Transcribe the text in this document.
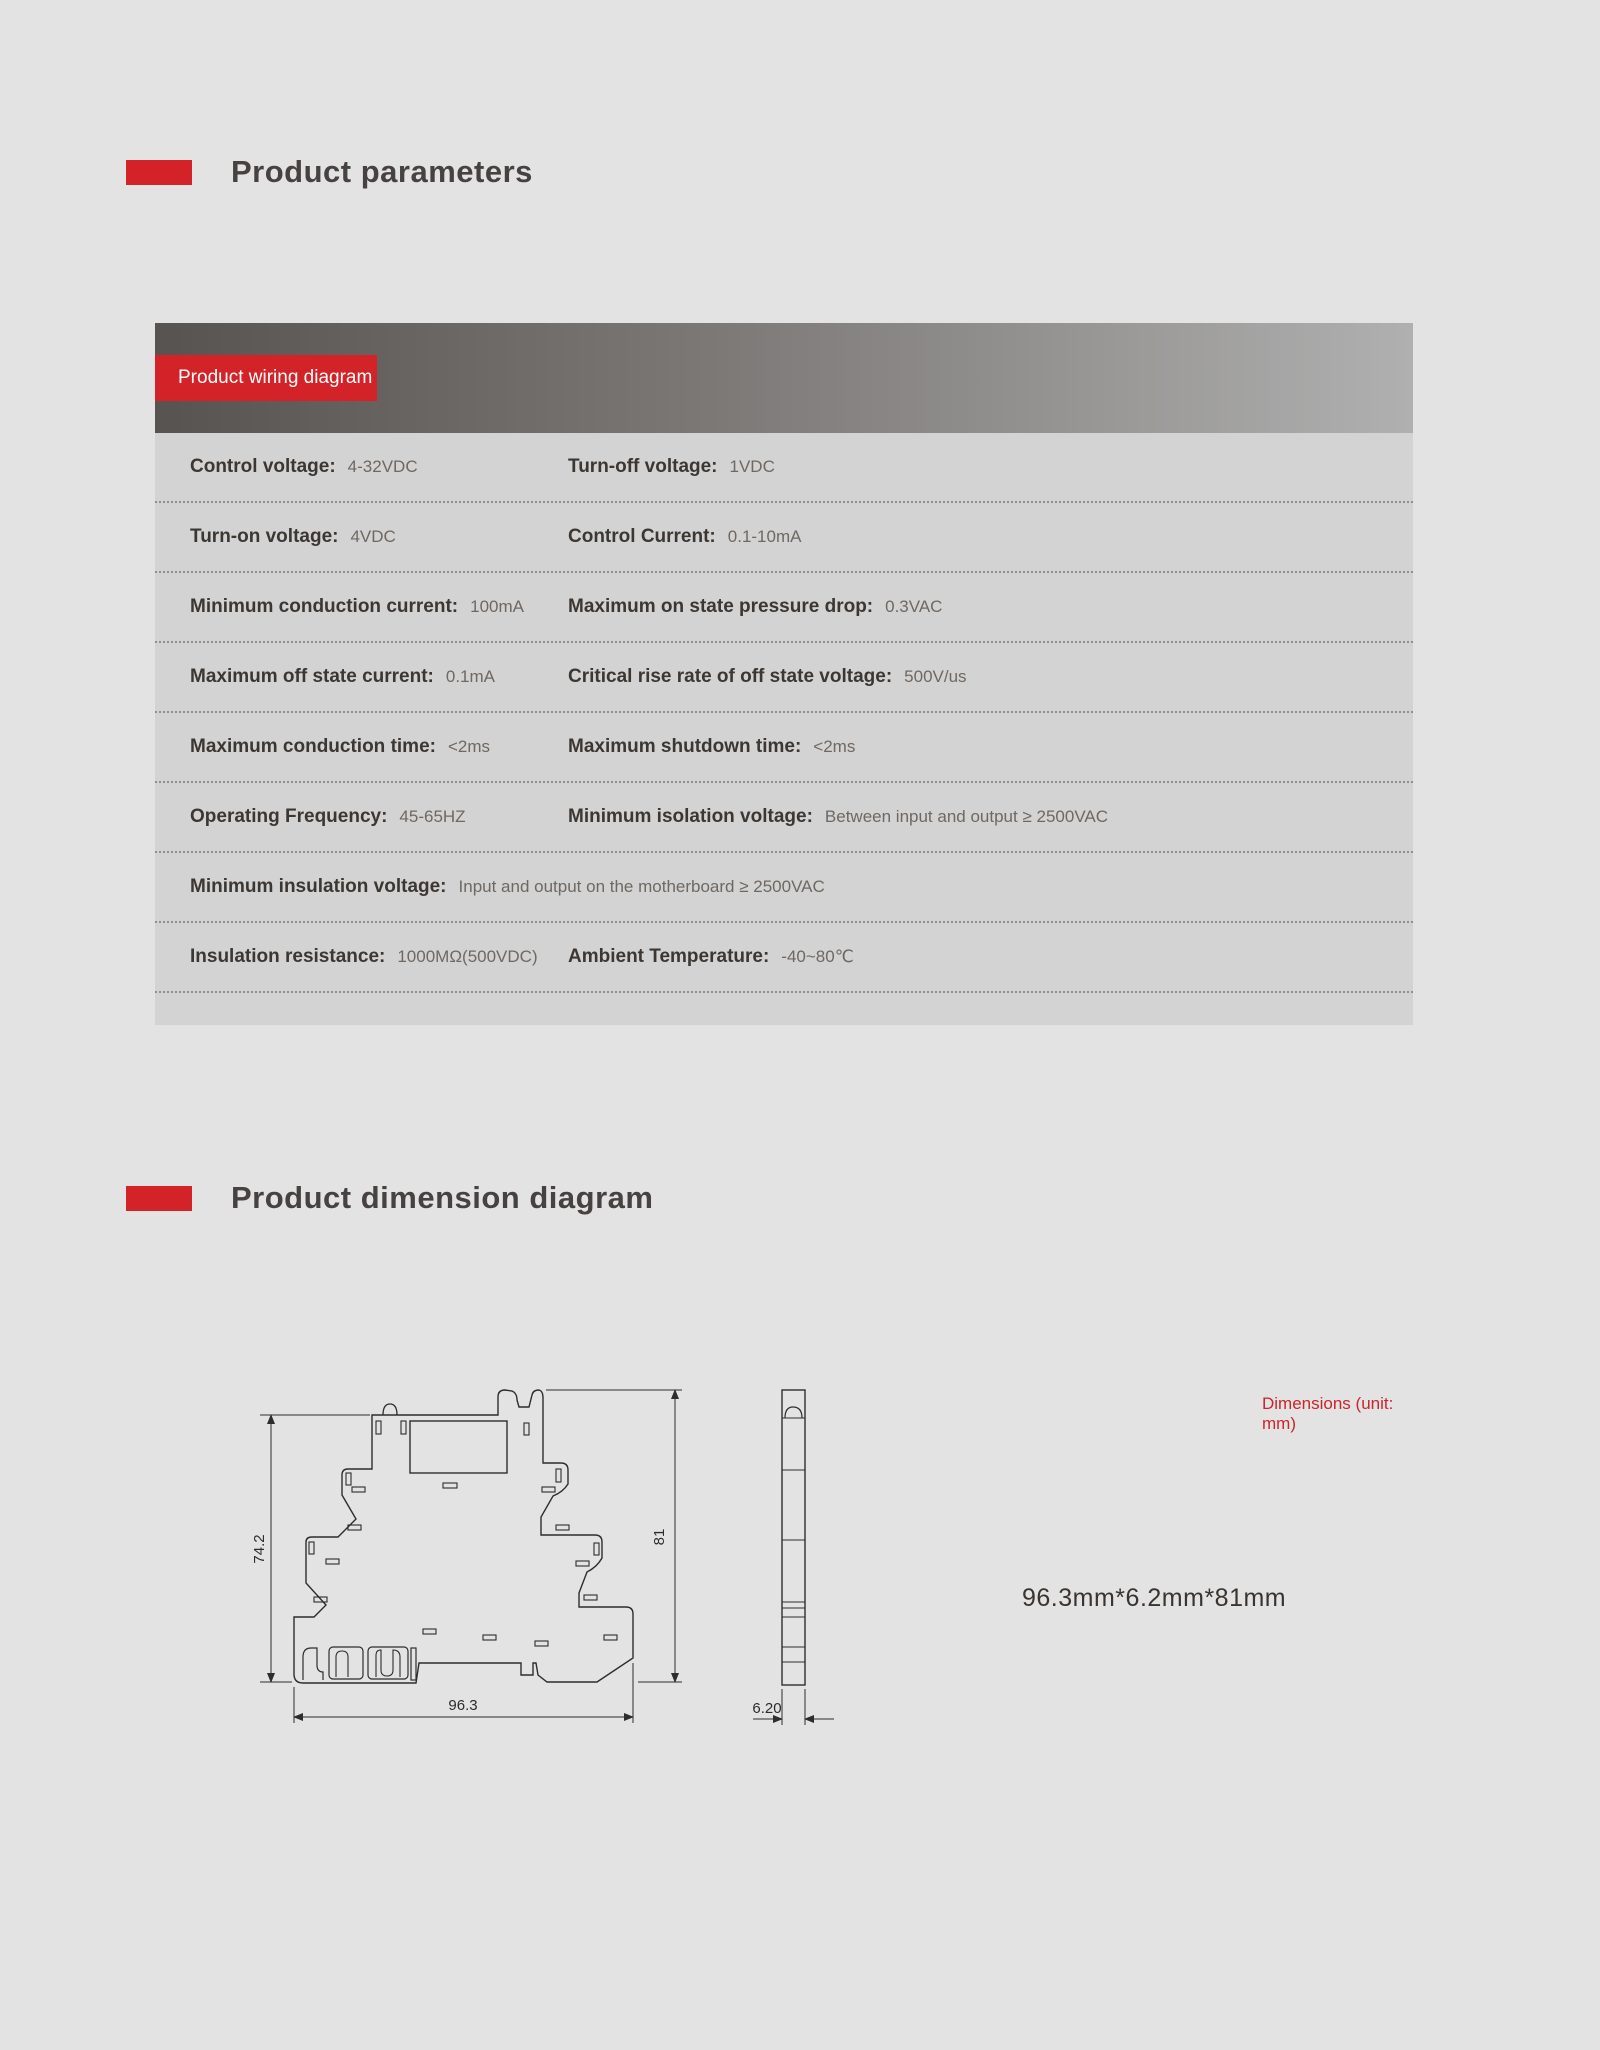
Product parameters
Product wiring diagram
Control voltage: 4-32VDC	Turn-off voltage: 1VDC
Turn-on voltage: 4VDC	Control Current: 0.1-10mA
Minimum conduction current: 100mA Maximum on state pressure drop: 0.3VAC
Maximum off state current: 0.1mA	Critical rise rate of off state voltage: 500V/us
Maximum conduction time: <2ms	Maximum shutdown time: <2ms
Operating Frequency: 45-65HZ	Minimum isolation voltage: Between input and output ≥ 2500VAC
Minimum insulation voltage: Input and output on the motherboard ≥ 2500VAC
Insulation resistance: 1000MΩ(500VDC) Ambient Temperature: -40~80℃
Product dimension diagram
Dimensions (unit: mm)
96.3mm*6.2mm*81mm
74.2
96.3
81
6.20
